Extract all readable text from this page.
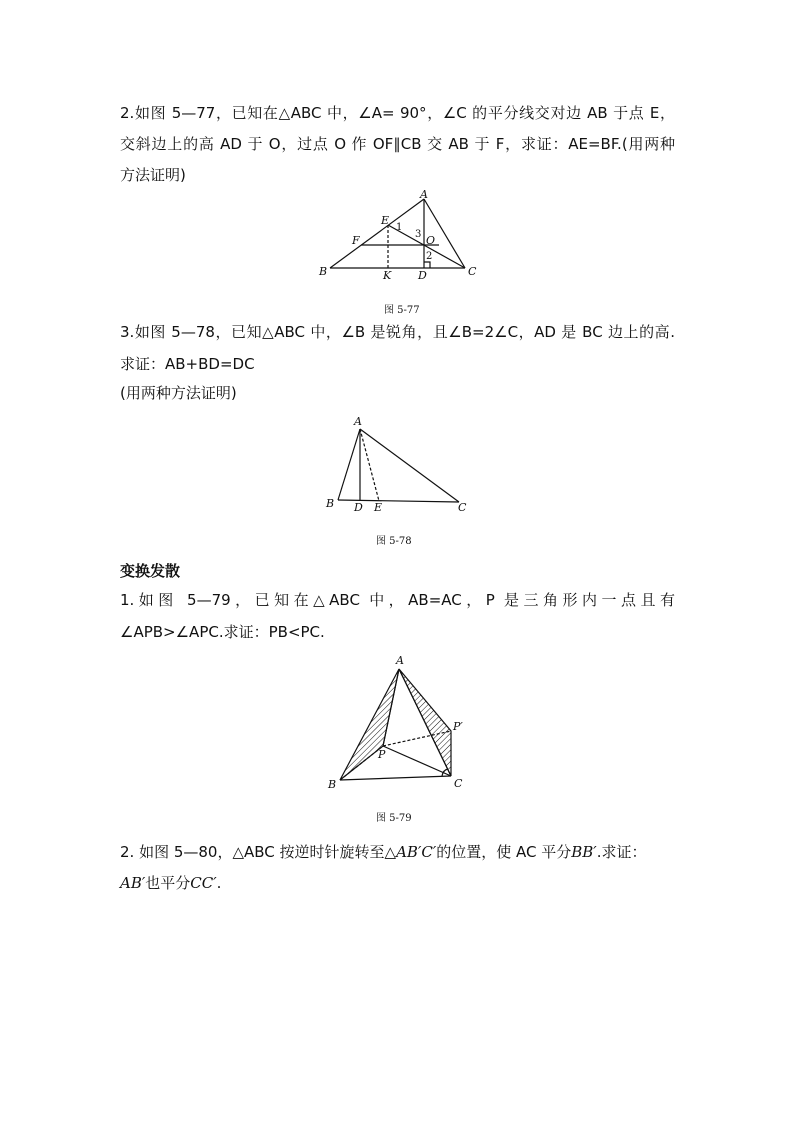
2.如图 5—77，已知在△ABC 中，∠A= 90°，∠C 的平分线交对边 AB 于点 E，
交斜边上的高 AD 于 O，过点 O 作 OF∥CB 交 AB 于 F，求证：AE=BF.(用两种
方法证明)
A
E
F	O
B	K D	C
1
3
2
图 5-77
3.如图 5—78，已知△ABC 中，∠B 是锐角，且∠B=2∠C，AD 是 BC 边上的高.
求证：AB+BD=DC
(用两种方法证明)
A
B D E	C
图 5-78
变换发散
1.如图 5—79，已知在△ABC 中，AB=AC，P 是三角形内一点且有
∠APB>∠APC.求证：PB<PC.
A
P′
P
B	C
图 5-79
2. 如图 5—80，△ABC 按逆时针旋转至△AB′C′的位置，使 AC 平分BB′.求证：
AB′也平分CC′.
